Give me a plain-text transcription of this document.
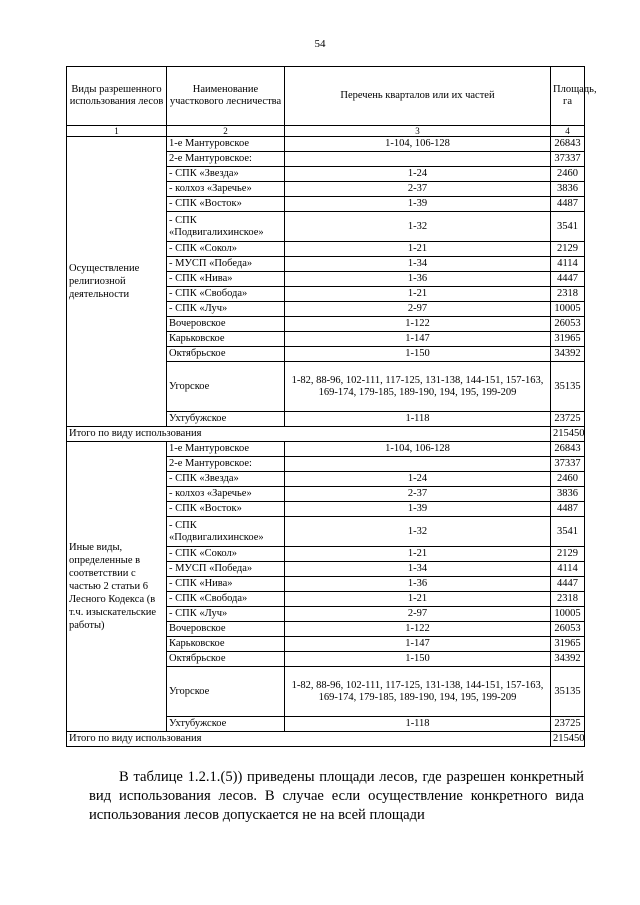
54
Виды разрешенного использования лесов	Наименование участкового лесничества	Перечень кварталов или их частей	Площадь, га
1	2	3	4
Осуществление религиозной деятельности	1-е Мантуровское	1-104, 106-128	26843
	2-е Мантуровское:		37337
	- СПК «Звезда»	1-24	2460
	- колхоз «Заречье»	2-37	3836
	- СПК «Восток»	1-39	4487
	- СПК «Подвигалихинское»	1-32	3541
	- СПК «Сокол»	1-21	2129
	- МУСП «Победа»	1-34	4114
	- СПК «Нива»	1-36	4447
	- СПК «Свобода»	1-21	2318
	- СПК «Луч»	2-97	10005
	Вочеровское	1-122	26053
	Карьковское	1-147	31965
	Октябрьское	1-150	34392
	Угорское	1-82, 88-96, 102-111, 117-125, 131-138, 144-151, 157-163, 169-174, 179-185, 189-190, 194, 195, 199-209	35135
	Ухтубужское	1-118	23725
Итого по виду использования			215450
Иные виды, определенные в соответствии с частью 2 статьи 6 Лесного Кодекса (в т.ч. изыскательские работы)	1-е Мантуровское	1-104, 106-128	26843
	2-е Мантуровское:		37337
	- СПК «Звезда»	1-24	2460
	- колхоз «Заречье»	2-37	3836
	- СПК «Восток»	1-39	4487
	- СПК «Подвигалихинское»	1-32	3541
	- СПК «Сокол»	1-21	2129
	- МУСП «Победа»	1-34	4114
	- СПК «Нива»	1-36	4447
	- СПК «Свобода»	1-21	2318
	- СПК «Луч»	2-97	10005
	Вочеровское	1-122	26053
	Карьковское	1-147	31965
	Октябрьское	1-150	34392
	Угорское	1-82, 88-96, 102-111, 117-125, 131-138, 144-151, 157-163, 169-174, 179-185, 189-190, 194, 195, 199-209	35135
	Ухтубужское	1-118	23725
Итого по виду использования			215450

В таблице 1.2.1.(5)) приведены площади лесов, где разрешен конкретный вид использования лесов. В случае если осуществление конкретного вида использования лесов допускается не на всей площади
